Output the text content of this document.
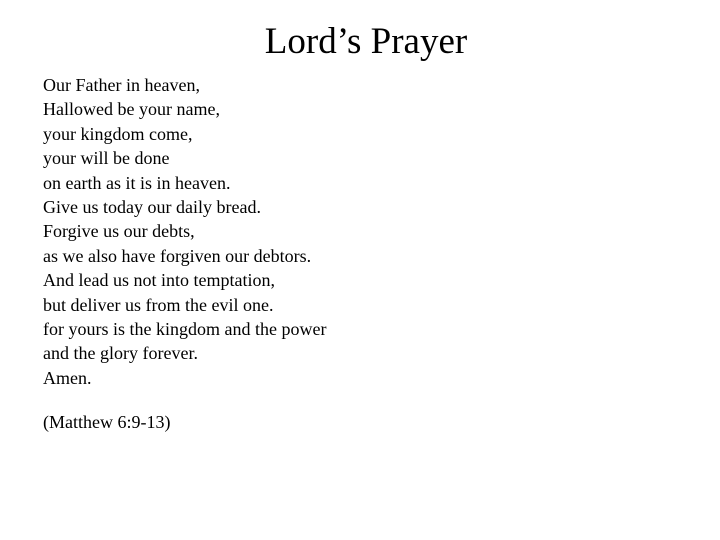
Lord’s Prayer
Our Father in heaven,
Hallowed be your name,
your kingdom come,
your will be done
on earth as it is in heaven.
Give us today our daily bread.
Forgive us our debts,
as we also have forgiven our debtors.
And lead us not into temptation,
but deliver us from the evil one.
for yours is the kingdom and the power
and the glory forever.
Amen.

(Matthew 6:9-13)
